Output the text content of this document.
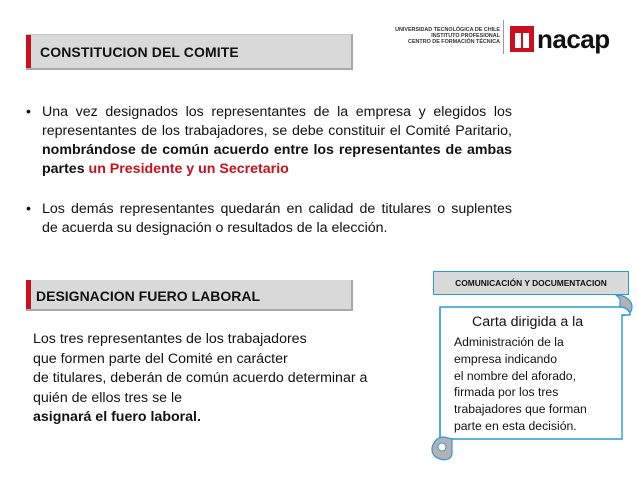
CONSTITUCION DEL COMITE
UNIVERSIDAD TECNOLÓGICA DE CHILE
INSTITUTO PROFESIONAL
CENTRO DE FORMACIÓN TÉCNICA nacap
• Una vez designados los representantes de la empresa y elegidos los representantes de los trabajadores, se debe constituir el Comité Paritario, nombrándose de común acuerdo entre los representantes de ambas partes un Presidente y un Secretario
• Los demás representantes quedarán en calidad de titulares o suplentes de acuerda su designación o resultados de la elección.
DESIGNACION FUERO LABORAL
Los tres representantes de los trabajadores
que formen parte del Comité en carácter
de titulares, deberán de común acuerdo determinar a
quién de ellos tres se le
asignará el fuero laboral.
COMUNICACIÓN Y DOCUMENTACION
Carta dirigida a la
Administración de la
empresa indicando
el nombre del aforado,
firmada por los tres
trabajadores que forman
parte en esta decisión.
